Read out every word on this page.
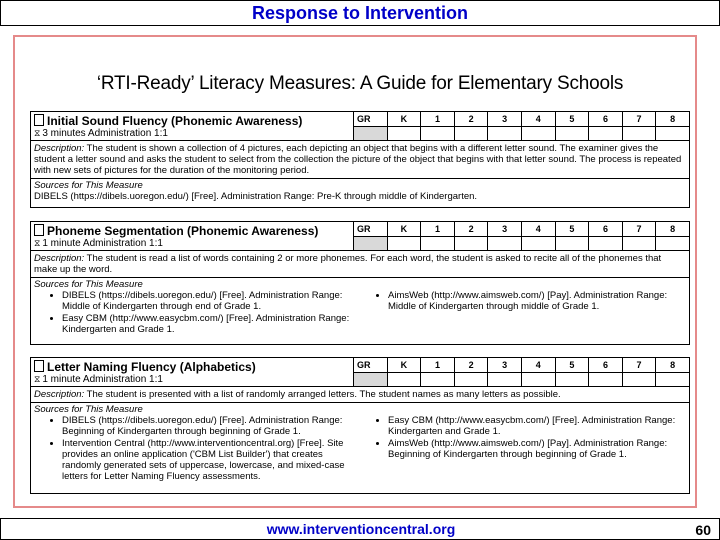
Response to Intervention
‘RTI-Ready’ Literacy Measures: A Guide for Elementary Schools
Initial Sound Fluency (Phonemic Awareness)
⧖ 3 minutes Administration 1:1
GR	K	1	2	3	4	5	6	7	8
Description: The student is shown a collection of 4 pictures, each depicting an object that begins with a different letter sound. The examiner gives the student a letter sound and asks the student to select from the collection the picture of the object that begins with that letter sound. The process is repeated with new sets of pictures for the duration of the monitoring period.
Sources for This Measure
DIBELS (https://dibels.uoregon.edu/) [Free]. Administration Range: Pre-K through middle of Kindergarten.
Phoneme Segmentation (Phonemic Awareness)
⧖ 1 minute Administration 1:1
GR	K	1	2	3	4	5	6	7	8
Description: The student is read a list of words containing 2 or more phonemes. For each word, the student is asked to recite all of the phonemes that make up the word.
Sources for This Measure
• DIBELS (https://dibels.uoregon.edu/) [Free]. Administration Range: Middle of Kindergarten through end of Grade 1.
• Easy CBM (http://www.easycbm.com/) [Free]. Administration Range: Kindergarten and Grade 1.
• AimsWeb (http://www.aimsweb.com/) [Pay]. Administration Range: Middle of Kindergarten through middle of Grade 1.
Letter Naming Fluency (Alphabetics)
⧖ 1 minute Administration 1:1
GR	K	1	2	3	4	5	6	7	8
Description: The student is presented with a list of randomly arranged letters. The student names as many letters as possible.
Sources for This Measure
• DIBELS (https://dibels.uoregon.edu/) [Free]. Administration Range: Beginning of Kindergarten through beginning of Grade 1.
• Intervention Central (http://www.interventioncentral.org) [Free]. Site provides an online application ('CBM List Builder') that creates randomly generated sets of uppercase, lowercase, and mixed-case letters for Letter Naming Fluency assessments.
• Easy CBM (http://www.easycbm.com/) [Free]. Administration Range: Kindergarten and Grade 1.
• AimsWeb (http://www.aimsweb.com/) [Pay]. Administration Range: Beginning of Kindergarten through beginning of Grade 1.
www.interventioncentral.org	60
